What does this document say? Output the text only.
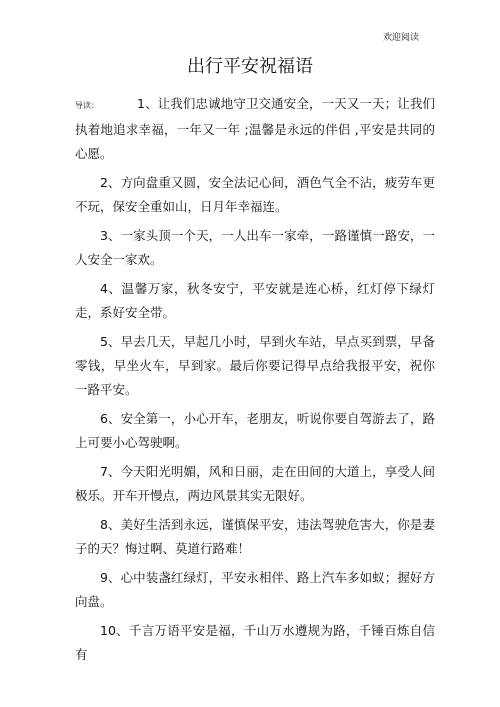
欢迎阅读
出行平安祝福语

导读：	1、让我们忠诚地守卫交通安全，一天又一天；让我们执着地追求幸福，一年又一年 ;温馨是永远的伴侣 ,平安是共同的心愿。

2、方向盘重又圆，安全法记心间，酒色气全不沾，疲劳车更不玩，保安全重如山，日月年幸福连。

3、一家头顶一个天，一人出车一家牵，一路谨慎一路安，一人安全一家欢。

4、温馨万家，秋冬安宁，平安就是连心桥，红灯停下绿灯走，系好安全带。

5、早去几天，早起几小时，早到火车站，早点买到票，早备零钱，早坐火车，早到家。最后你要记得早点给我报平安，祝你一路平安。

6、安全第一，小心开车，老朋友，听说你要自驾游去了，路上可要小心驾驶啊。

7、今天阳光明媚，风和日丽，走在田间的大道上，享受人间极乐。开车开慢点，两边风景其实无限好。

8、美好生活到永远，谨慎保平安，违法驾驶危害大，你是妻子的天？悔过啊、莫道行路难！

9、心中装盏红绿灯，平安永相伴、路上汽车多如蚁；握好方向盘。

10、千言万语平安是福，千山万水遵规为路，千锤百炼自信有
